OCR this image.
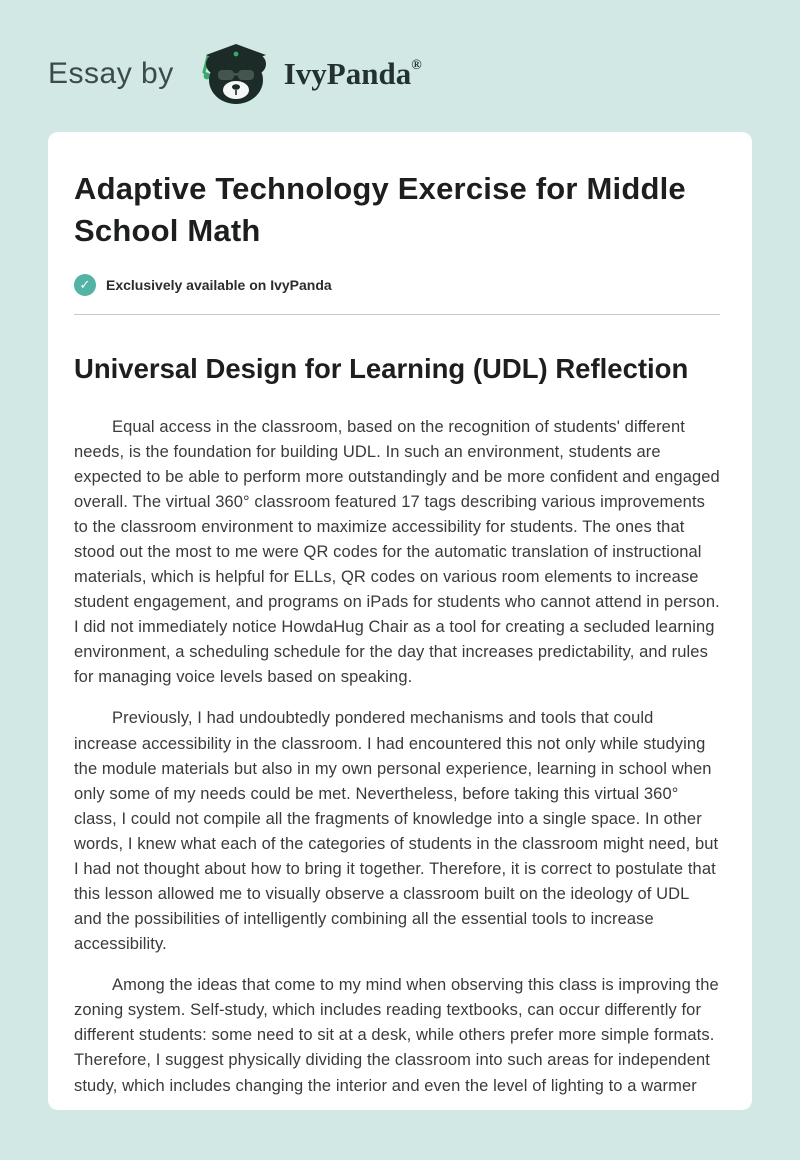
Essay by	IvyPanda ®
Adaptive Technology Exercise for Middle School Math
✓	Exclusively available on IvyPanda
Universal Design for Learning (UDL) Reflection

Equal access in the classroom, based on the recognition of students' different needs, is the foundation for building UDL. In such an environment, students are expected to be able to perform more outstandingly and be more confident and engaged overall. The virtual 360° classroom featured 17 tags describing various improvements to the classroom environment to maximize accessibility for students. The ones that stood out the most to me were QR codes for the automatic translation of instructional materials, which is helpful for ELLs, QR codes on various room elements to increase student engagement, and programs on iPads for students who cannot attend in person. I did not immediately notice HowdaHug Chair as a tool for creating a secluded learning environment, a scheduling schedule for the day that increases predictability, and rules for managing voice levels based on speaking.

Previously, I had undoubtedly pondered mechanisms and tools that could increase accessibility in the classroom. I had encountered this not only while studying the module materials but also in my own personal experience, learning in school when only some of my needs could be met. Nevertheless, before taking this virtual 360° class, I could not compile all the fragments of knowledge into a single space. In other words, I knew what each of the categories of students in the classroom might need, but I had not thought about how to bring it together. Therefore, it is correct to postulate that this lesson allowed me to visually observe a classroom built on the ideology of UDL and the possibilities of intelligently combining all the essential tools to increase accessibility.

Among the ideas that come to my mind when observing this class is improving the zoning system. Self-study, which includes reading textbooks, can occur differently for different students: some need to sit at a desk, while others prefer more simple formats. Therefore, I suggest physically dividing the classroom into such areas for independent study, which includes changing the interior and even the level of lighting to a warmer
